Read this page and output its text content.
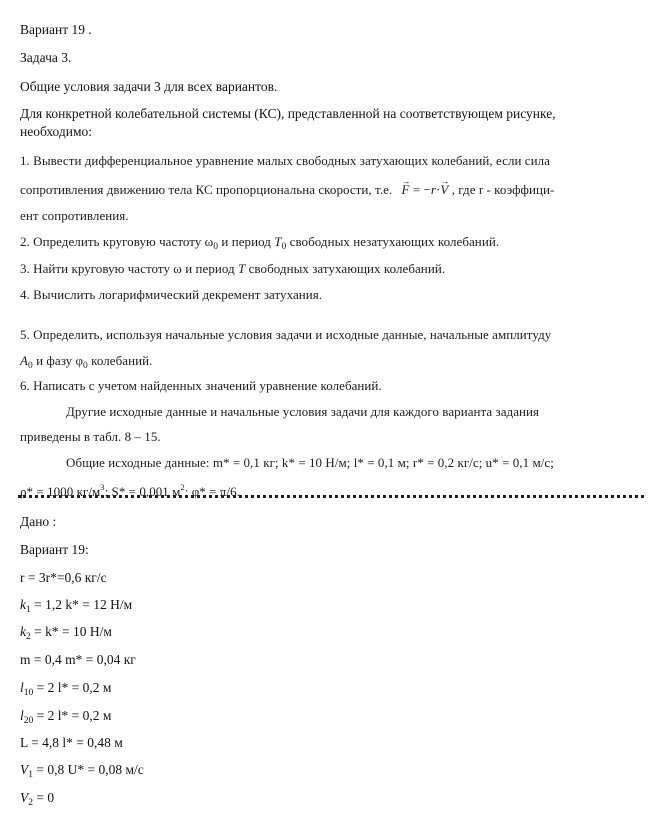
Вариант 19 .
Задача 3.
Общие условия задачи 3 для всех вариантов.
Для конкретной колебательной системы (КС), представленной на соответствующем рисунке,
необходимо:
1. Вывести дифференциальное уравнение малых свободных затухающих колебаний, если сила
сопротивления движению тела КС пропорциональна скорости, т.е. → F = −r·→ V , где r - коэффици-
ент сопротивления.
2. Определить круговую частоту $\omega_0$ и период $T_0$ свободных незатухающих колебаний.
3. Найти круговую частоту ω и период T свободных затухающих колебаний.
4. Вычислить логарифмический декремент затухания.
5. Определить, используя начальные условия задачи и исходные данные, начальные амплитуду
$A_0$ и фазу $\varphi_0$ колебаний.
6. Написать с учетом найденных значений уравнение колебаний.
Другие исходные данные и начальные условия задачи для каждого варианта задания
приведены в табл. 8 – 15.
Общие исходные данные: m* = 0,1 кг; k* = 10 Н/м; l* = 0,1 м; r* = 0,2 кг/с; u* = 0,1 м/с;
ρ* = 1000 $кг/м^3$; S* = 0,001 $м^2$; φ* = π/6.
Дано :
Вариант 19:
r = 3r*=0,6 кг/с
$k_1 = 1,2$ k* = 12 Н/м
$k_2 = k* = 10$ Н/м
m = 0,4 m* = 0,04 кг
$l_{10} = 2$ l* = 0,2 м
$l_{20} = 2$ l* = 0,2 м
L = 4,8 l* = 0,48 м
$V_1 = 0,8$ U* = 0,08 м/с
$V_2 = 0$
